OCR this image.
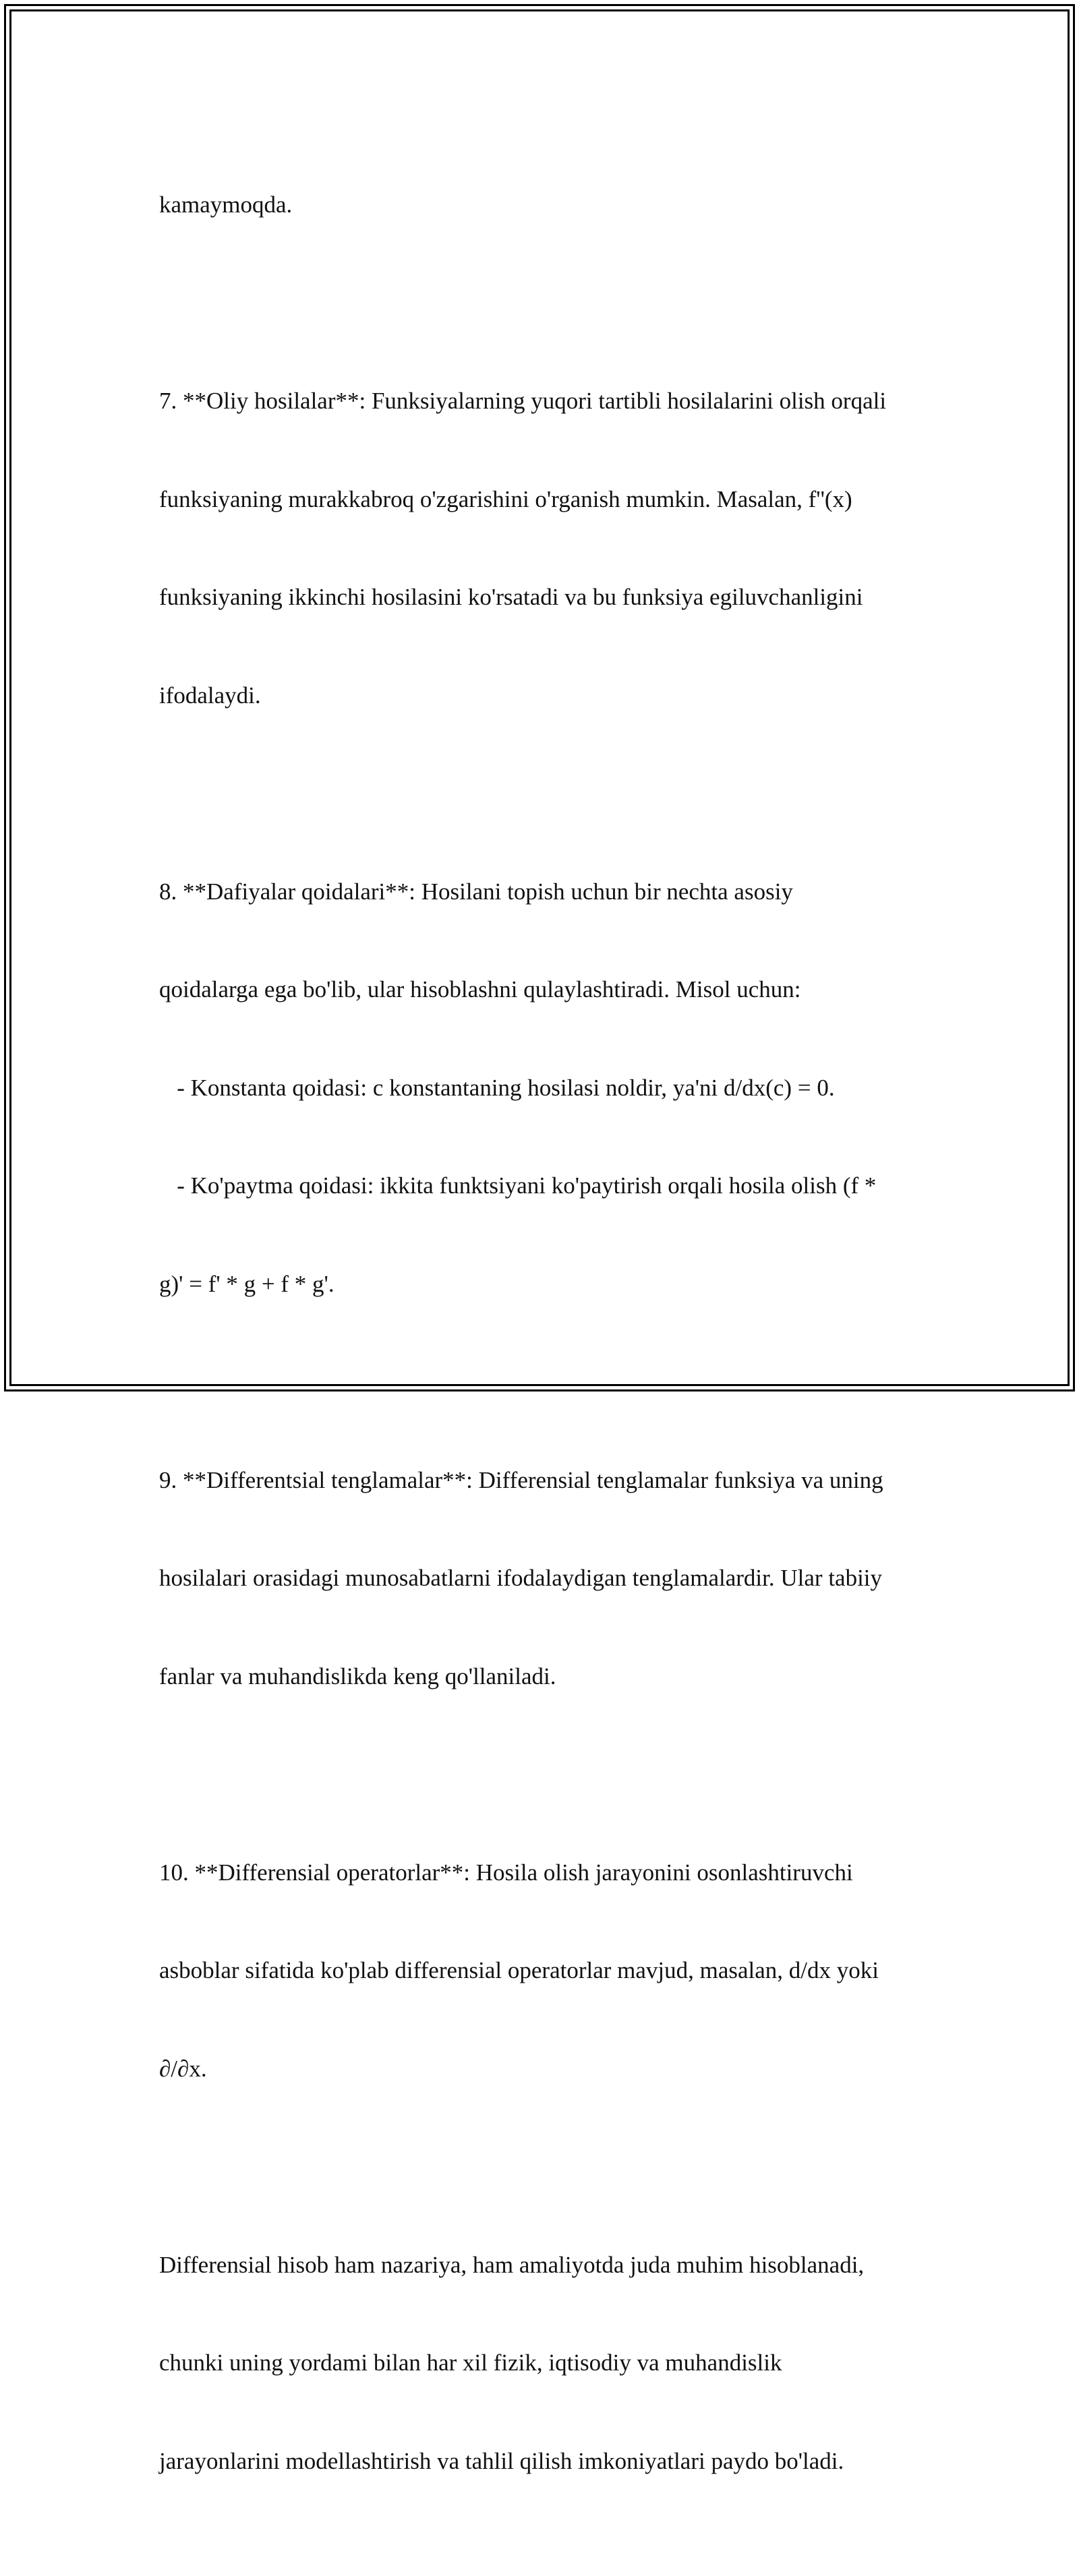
kamaymoqda.

7. **Oliy hosilalar**: Funksiyalarning yuqori tartibli hosilalarini olish orqali

funksiyaning murakkabroq o'zgarishini o'rganish mumkin. Masalan, f''(x)

funksiyaning ikkinchi hosilasini ko'rsatadi va bu funksiya egiluvchanligini

ifodalaydi.

8. **Dafiyalar qoidalari**: Hosilani topish uchun bir nechta asosiy

qoidalarga ega bo'lib, ular hisoblashni qulaylashtiradi. Misol uchun:

- Konstanta qoidasi: c konstantaning hosilasi noldir, ya'ni d/dx(c) = 0.

- Ko'paytma qoidasi: ikkita funktsiyani ko'paytirish orqali hosila olish (f *

g)' = f' * g + f * g'.

9. **Differentsial tenglamalar**: Differensial tenglamalar funksiya va uning

hosilalari orasidagi munosabatlarni ifodalaydigan tenglamalardir. Ular tabiiy

fanlar va muhandislikda keng qo'llaniladi.

10. **Differensial operatorlar**: Hosila olish jarayonini osonlashtiruvchi

asboblar sifatida ko'plab differensial operatorlar mavjud, masalan, d/dx yoki

∂/∂x.

Differensial hisob ham nazariya, ham amaliyotda juda muhim hisoblanadi,

chunki uning yordami bilan har xil fizik, iqtisodiy va muhandislik

jarayonlarini modellashtirish va tahlil qilish imkoniyatlari paydo bo'ladi.
